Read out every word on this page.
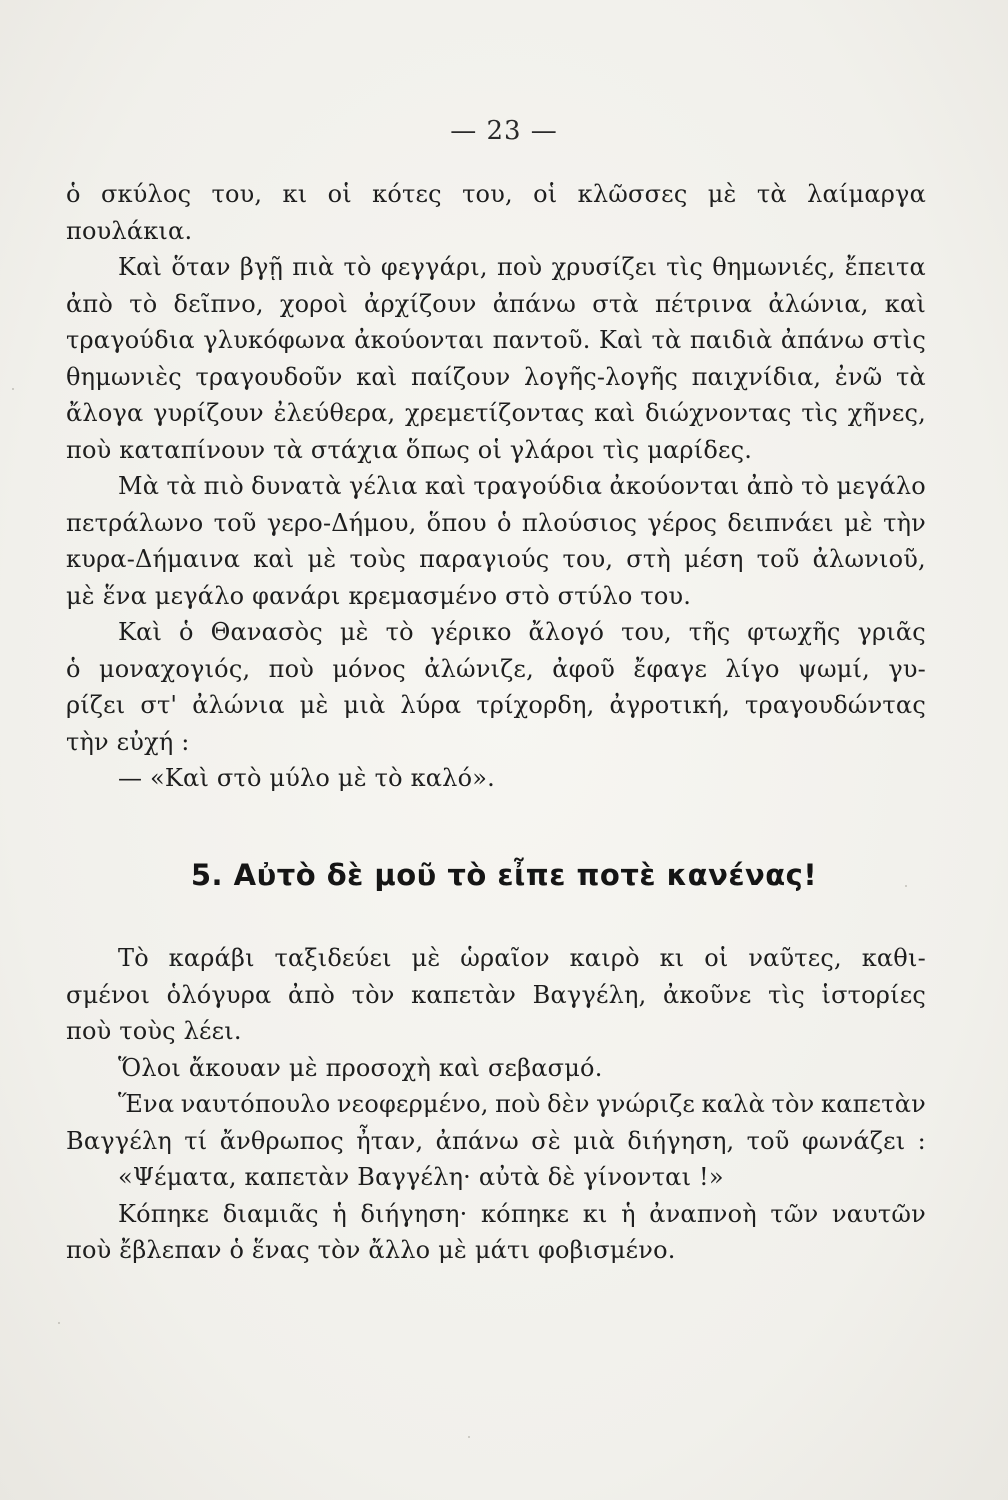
— 23 —
ὁ σκύλος του, κι οἱ κότες του, οἱ κλῶσσες μὲ τὰ λαίμαργα
πουλάκια.
Καὶ ὅταν βγῇ πιὰ τὸ φεγγάρι, ποὺ χρυσίζει τὶς θημωνιές, ἔπειτα
ἀπὸ τὸ δεῖπνο, χοροὶ ἀρχίζουν ἀπάνω στὰ πέτρινα ἀλώνια, καὶ
τραγούδια γλυκόφωνα ἀκούονται παντοῦ. Καὶ τὰ παιδιὰ ἀπάνω στὶς
θημωνιὲς τραγουδοῦν καὶ παίζουν λογῆς-λογῆς παιχνίδια, ἐνῶ τὰ
ἄλογα γυρίζουν ἐλεύθερα, χρεμετίζοντας καὶ διώχνοντας τὶς χῆνες,
ποὺ καταπίνουν τὰ στάχια ὅπως οἱ γλάροι τὶς μαρίδες.
Μὰ τὰ πιὸ δυνατὰ γέλια καὶ τραγούδια ἀκούονται ἀπὸ τὸ μεγάλο
πετράλωνο τοῦ γερο-Δήμου, ὅπου ὁ πλούσιος γέρος δειπνάει μὲ τὴν
κυρα-Δήμαινα καὶ μὲ τοὺς παραγιούς του, στὴ μέση τοῦ ἀλωνιοῦ,
μὲ ἕνα μεγάλο φανάρι κρεμασμένο στὸ στύλο του.
Καὶ ὁ Θανασὸς μὲ τὸ γέρικο ἄλογό του, τῆς φτωχῆς γριᾶς
ὁ μοναχογιός, ποὺ μόνος ἀλώνιζε, ἀφοῦ ἔφαγε λίγο ψωμί, γυ-
ρίζει στ' ἀλώνια μὲ μιὰ λύρα τρίχορδη, ἀγροτική, τραγουδώντας
τὴν εὐχή :
— «Καὶ στὸ μύλο μὲ τὸ καλό».
5. Αὐτὸ δὲ μοῦ τὸ εἶπε ποτὲ κανένας!
Τὸ καράβι ταξιδεύει μὲ ὡραῖον καιρὸ κι οἱ ναῦτες, καθι-
σμένοι ὁλόγυρα ἀπὸ τὸν καπετὰν Βαγγέλη, ἀκοῦνε τὶς ἱστορίες
ποὺ τοὺς λέει.
Ὅλοι ἄκουαν μὲ προσοχὴ καὶ σεβασμό.
Ἕνα ναυτόπουλο νεοφερμένο, ποὺ δὲν γνώριζε καλὰ τὸν καπετὰν
Βαγγέλη τί ἄνθρωπος ἦταν, ἀπάνω σὲ μιὰ διήγηση, τοῦ φωνάζει :
«Ψέματα, καπετὰν Βαγγέλη· αὐτὰ δὲ γίνονται !»
Κόπηκε διαμιᾶς ἡ διήγηση· κόπηκε κι ἡ ἀναπνοὴ τῶν ναυτῶν
ποὺ ἔβλεπαν ὁ ἕνας τὸν ἄλλο μὲ μάτι φοβισμένο.
